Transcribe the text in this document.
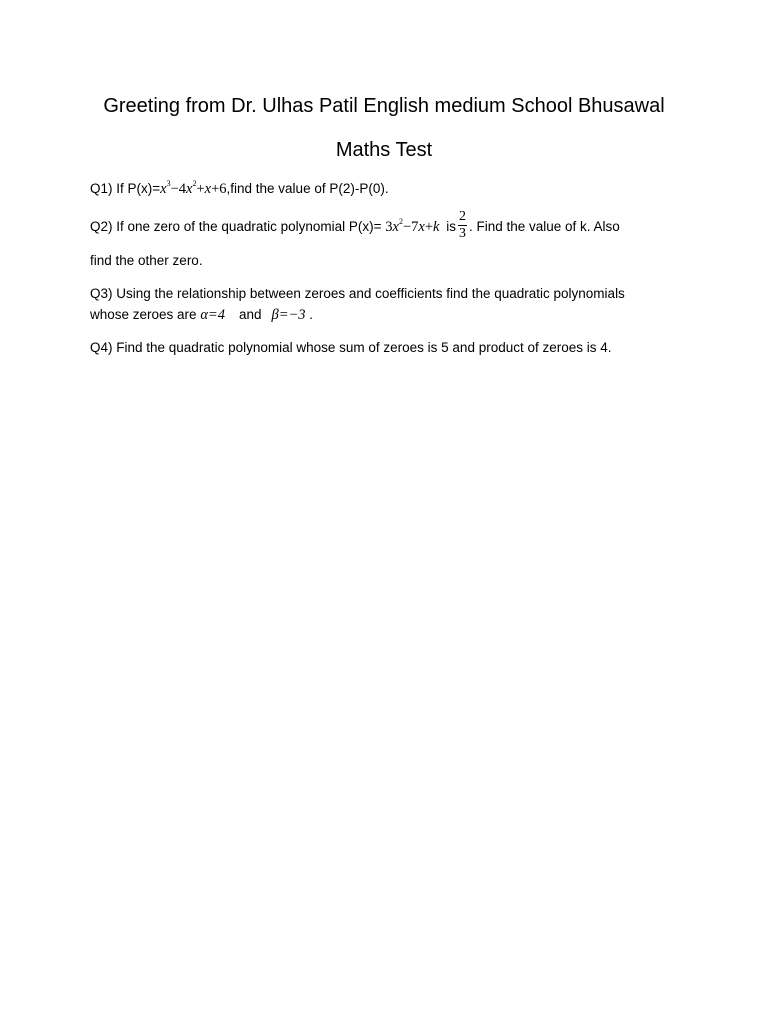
Greeting from Dr. Ulhas Patil English medium School Bhusawal
Maths Test
Q1) If $P(x)=x^3-4x^2+x+6,find$ the value of P(2)-P(0).
Q2) If one zero of the quadratic polynomial $P(x)= 3x^2-7x+k$ is $\frac{2}{3}$ . Find the value of k. Also
find the other zero.
Q3) Using the relationship between zeroes and coefficients find the quadratic polynomials
whose zeroes are α=4 and β=−3 .
Q4) Find the quadratic polynomial whose sum of zeroes is 5 and product of zeroes is 4.
